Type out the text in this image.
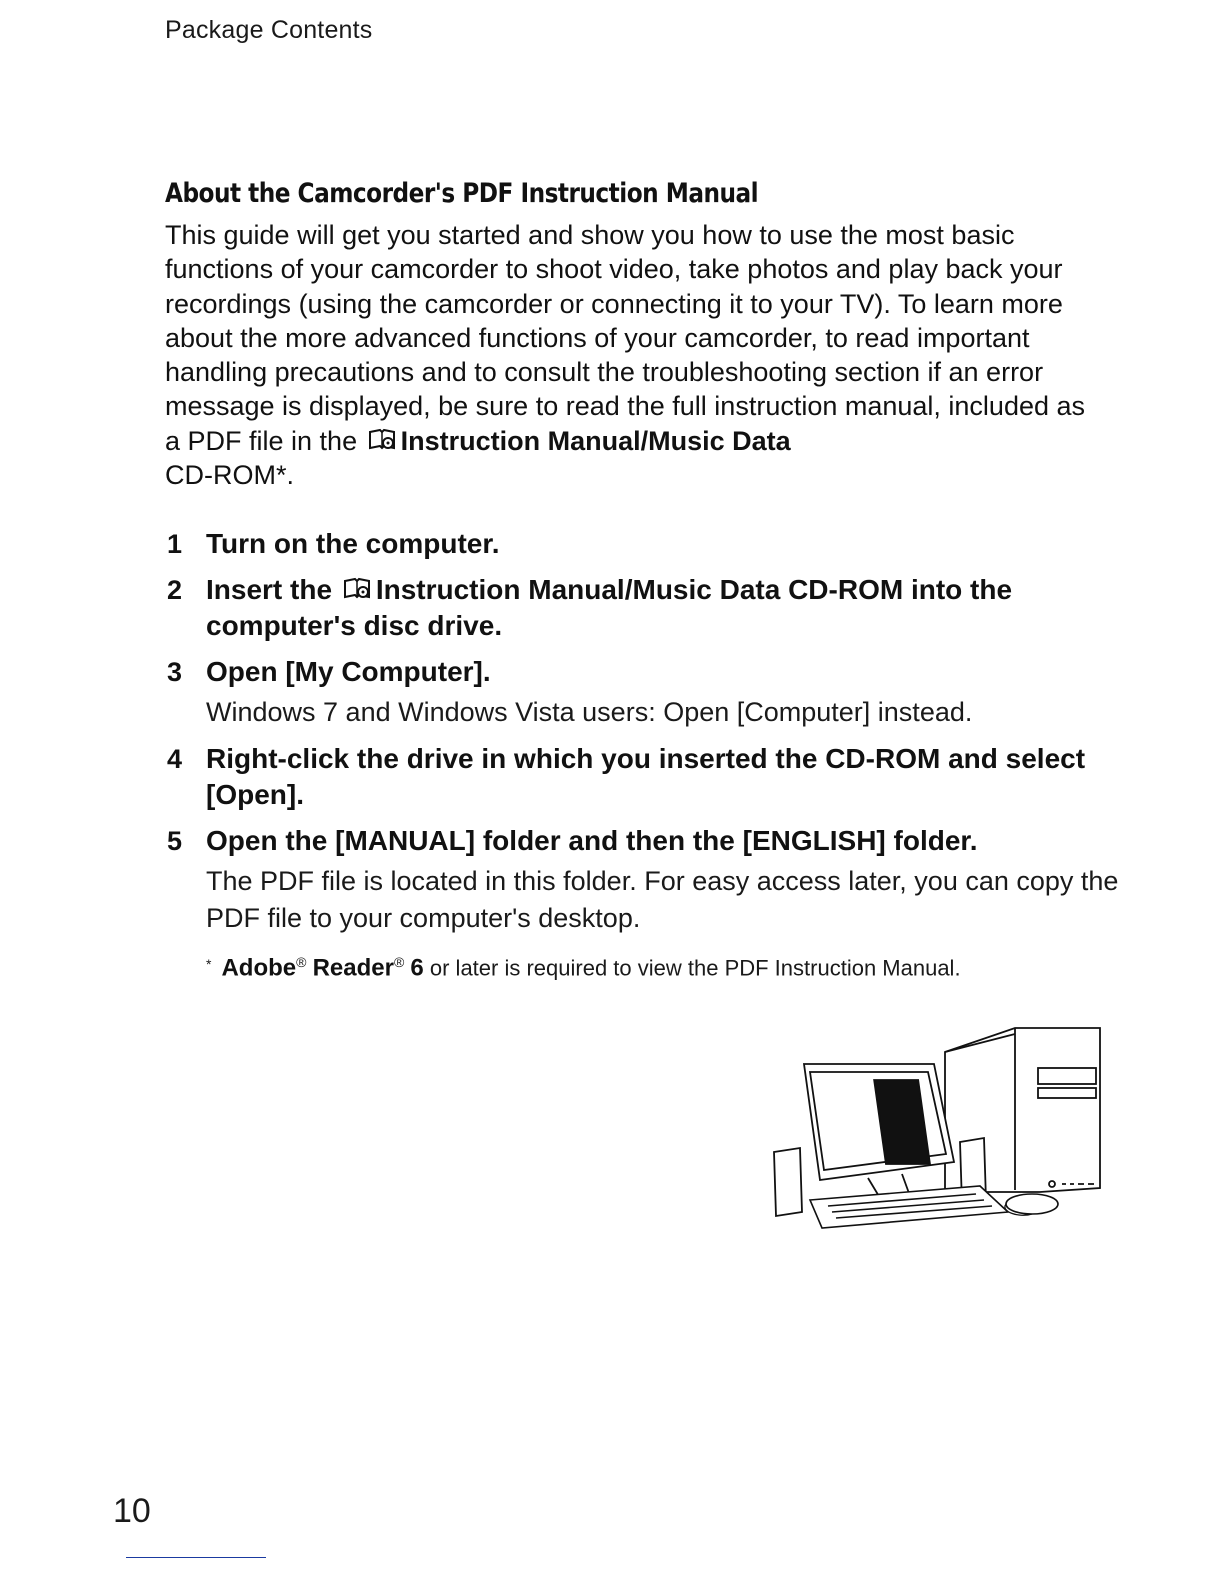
Package Contents
About the Camcorder's PDF Instruction Manual

This guide will get you started and show you how to use the most basic functions of your camcorder to shoot video, take photos and play back your recordings (using the camcorder or connecting it to your TV). To learn more about the more advanced functions of your camcorder, to read important handling precautions and to consult the troubleshooting section if an error message is displayed, be sure to read the full instruction manual, included as a PDF file in the Instruction Manual/Music Data
CD-ROM*.

1 Turn on the computer.

2 Insert the Instruction Manual/Music Data CD-ROM into the computer's disc drive.

3 Open [My Computer].

Windows 7 and Windows Vista users: Open [Computer] instead.

4 Right-click the drive in which you inserted the CD-ROM and select [Open].

5 Open the [MANUAL] folder and then the [ENGLISH] folder.

The PDF file is located in this folder. For easy access later, you can copy the PDF file to your computer's desktop.

* Adobe® Reader® 6 or later is required to view the PDF Instruction Manual.

10
